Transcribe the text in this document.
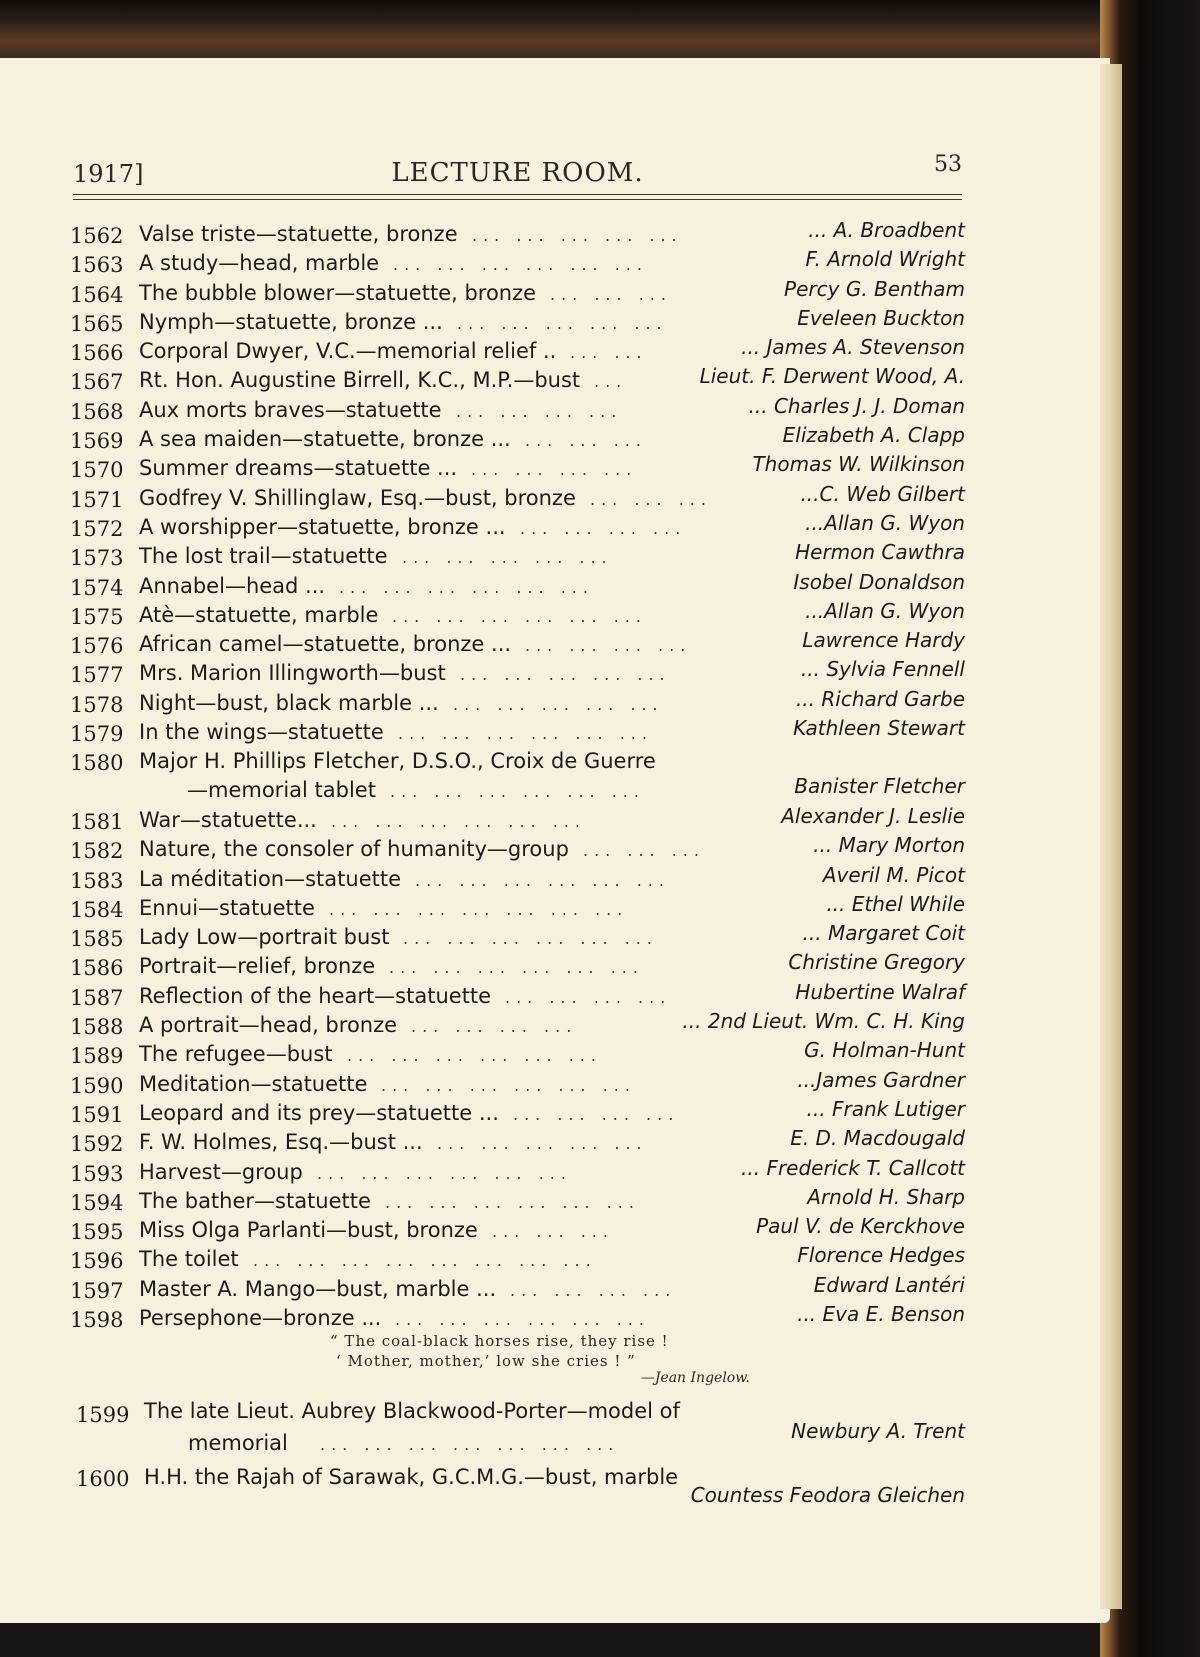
1917]	LECTURE ROOM.	53
1562 Valse triste—statuette, bronze ... ... ... ... ...	... A. Broadbent
1563 A study—head, marble ... ... ... ... ... ...	F. Arnold Wright
1564 The bubble blower—statuette, bronze ... ... ...	Percy G. Bentham
1565 Nymph—statuette, bronze ... ... ... ... ... ...	Eveleen Buckton
1566 Corporal Dwyer, V.C.—memorial relief .. ... ...	... James A. Stevenson
1567 Rt. Hon. Augustine Birrell, K.C., M.P.—bust ...	Lieut. F. Derwent Wood, A.
1568 Aux morts braves—statuette ... ... ... ...	... Charles J. J. Doman
1569 A sea maiden—statuette, bronze ... ... ... ...	Elizabeth A. Clapp
1570 Summer dreams—statuette ... ... ... ... ...	Thomas W. Wilkinson
1571 Godfrey V. Shillinglaw, Esq.—bust, bronze ... ... ...	...C. Web Gilbert
1572 A worshipper—statuette, bronze ... ... ... ... ...	...Allan G. Wyon
1573 The lost trail—statuette ... ... ... ... ...	Hermon Cawthra
1574 Annabel—head ... ... ... ... ... ... ...	Isobel Donaldson
1575 Atè—statuette, marble ... ... ... ... ... ...	...Allan G. Wyon
1576 African camel—statuette, bronze ... ... ... ... ...	Lawrence Hardy
1577 Mrs. Marion Illingworth—bust ... ... ... ... ...	... Sylvia Fennell
1578 Night—bust, black marble ... ... ... ... ... ...	... Richard Garbe
1579 In the wings—statuette ... ... ... ... ... ...	Kathleen Stewart
1580 Major H. Phillips Fletcher, D.S.O., Croix de Guerre
—memorial tablet ... ... ... ... ... ...	Banister Fletcher
1581 War—statuette... ... ... ... ... ... ...	Alexander J. Leslie
1582 Nature, the consoler of humanity—group ... ... ...	... Mary Morton
1583 La méditation—statuette ... ... ... ... ... ...	Averil M. Picot
1584 Ennui—statuette ... ... ... ... ... ... ...	... Ethel While
1585 Lady Low—portrait bust ... ... ... ... ... ...	... Margaret Coit
1586 Portrait—relief, bronze ... ... ... ... ... ...	Christine Gregory
1587 Reflection of the heart—statuette ... ... ... ...	Hubertine Walraf
1588 A portrait—head, bronze ... ... ... ...	... 2nd Lieut. Wm. C. H. King
1589 The refugee—bust ... ... ... ... ... ...	G. Holman-Hunt
1590 Meditation—statuette ... ... ... ... ... ...	...James Gardner
1591 Leopard and its prey—statuette ... ... ... ... ...	... Frank Lutiger
1592 F. W. Holmes, Esq.—bust ... ... ... ... ... ...	E. D. Macdougald
1593 Harvest—group ... ... ... ... ... ...	... Frederick T. Callcott
1594 The bather—statuette ... ... ... ... ... ...	Arnold H. Sharp
1595 Miss Olga Parlanti—bust, bronze ... ... ...	Paul V. de Kerckhove
1596 The toilet ... ... ... ... ... ... ... ...	Florence Hedges
1597 Master A. Mango—bust, marble ... ... ... ... ...	Edward Lantéri
1598 Persephone—bronze ... ... ... ... ... ... ...	... Eva E. Benson
“ The coal-black horses rise, they rise !
‘ Mother, mother,’ low she cries ! ”
—Jean Ingelow.
1599 The late Lieut. Aubrey Blackwood-Porter—model of
memorial ... ... ... ... ... ... ...
Newbury A. Trent
1600 H.H. the Rajah of Sarawak, G.C.M.G.—bust, marble
Countess Feodora Gleichen
